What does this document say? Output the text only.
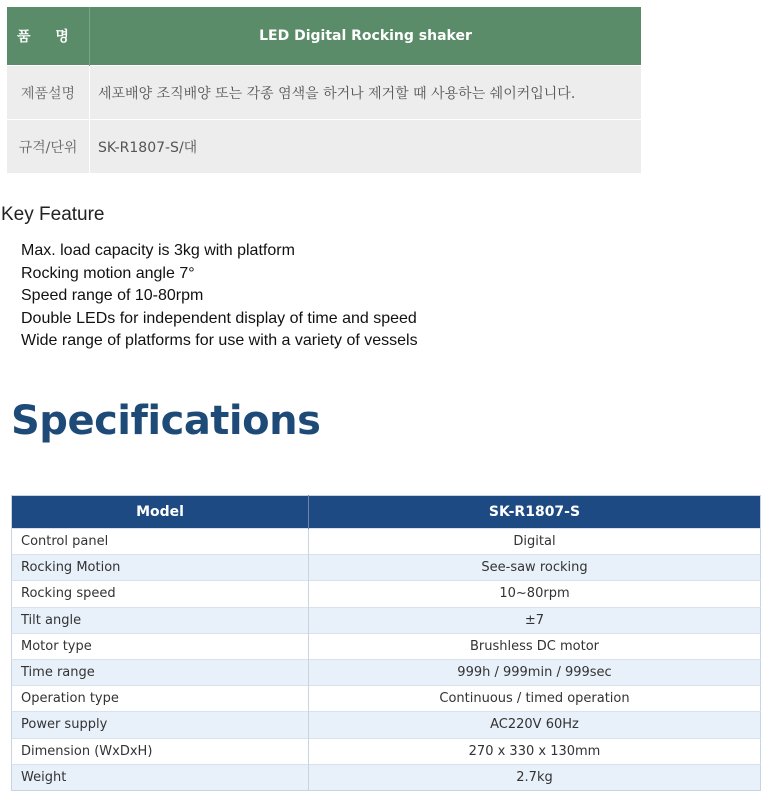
품 명	LED Digital Rocking shaker
제품설명	세포배양 조직배양 또는 각종 염색을 하거나 제거할 때 사용하는 쉐이커입니다.
규격/단위	SK-R1807-S/대
Key Feature
Max. load capacity is 3kg with platform
Rocking motion angle 7°
Speed range of 10-80rpm
Double LEDs for independent display of time and speed
Wide range of platforms for use with a variety of vessels
Specifications
Model	SK-R1807-S
Control panel	Digital
Rocking Motion	See-saw rocking
Rocking speed	10~80rpm
Tilt angle	±7
Motor type	Brushless DC motor
Time range	999h / 999min / 999sec
Operation type	Continuous / timed operation
Power supply	AC220V 60Hz
Dimension (WxDxH)	270 x 330 x 130mm
Weight	2.7kg
